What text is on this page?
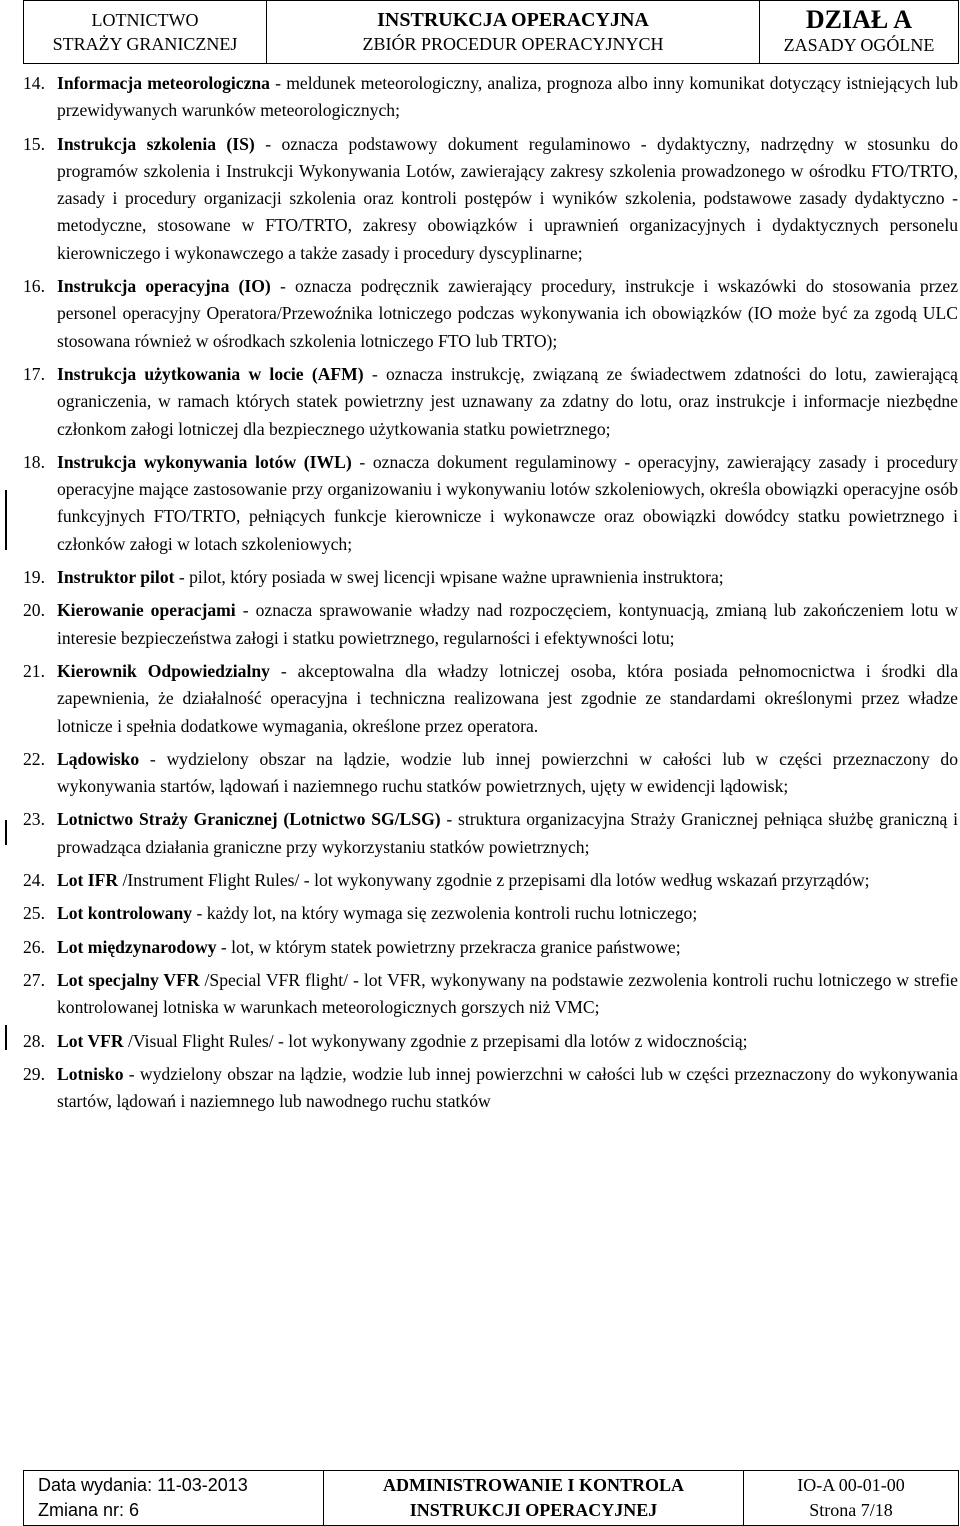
LOTNICTWO
STRAŻY GRANICZNEJ

INSTRUKCJA OPERACYJNA
ZBIÓR PROCEDUR OPERACYJNYCH

DZIAŁ A
ZASADY OGÓLNE
14. Informacja meteorologiczna - meldunek meteorologiczny, analiza, prognoza albo inny komunikat dotyczący istniejących lub przewidywanych warunków meteorologicznych;
15. Instrukcja szkolenia (IS) - oznacza podstawowy dokument regulaminowo - dydaktyczny, nadrzędny w stosunku do programów szkolenia i Instrukcji Wykonywania Lotów, zawierający zakresy szkolenia prowadzonego w ośrodku FTO/TRTO, zasady i procedury organizacji szkolenia oraz kontroli postępów i wyników szkolenia, podstawowe zasady dydaktyczno - metodyczne, stosowane w FTO/TRTO, zakresy obowiązków i uprawnień organizacyjnych i dydaktycznych personelu kierowniczego i wykonawczego a także zasady i procedury dyscyplinarne;
16. Instrukcja operacyjna (IO) - oznacza podręcznik zawierający procedury, instrukcje i wskazówki do stosowania przez personel operacyjny Operatora/Przewoźnika lotniczego podczas wykonywania ich obowiązków (IO może być za zgodą ULC stosowana również w ośrodkach szkolenia lotniczego FTO lub TRTO);
17. Instrukcja użytkowania w locie (AFM) - oznacza instrukcję, związaną ze świadectwem zdatności do lotu, zawierającą ograniczenia, w ramach których statek powietrzny jest uznawany za zdatny do lotu, oraz instrukcje i informacje niezbędne członkom załogi lotniczej dla bezpiecznego użytkowania statku powietrznego;
18. Instrukcja wykonywania lotów (IWL) - oznacza dokument regulaminowy - operacyjny, zawierający zasady i procedury operacyjne mające zastosowanie przy organizowaniu i wykonywaniu lotów szkoleniowych, określa obowiązki operacyjne osób funkcyjnych FTO/TRTO, pełniących funkcje kierownicze i wykonawcze oraz obowiązki dowódcy statku powietrznego i członków załogi w lotach szkoleniowych;
19. Instruktor pilot - pilot, który posiada w swej licencji wpisane ważne uprawnienia instruktora;
20. Kierowanie operacjami - oznacza sprawowanie władzy nad rozpoczęciem, kontynuacją, zmianą lub zakończeniem lotu w interesie bezpieczeństwa załogi i statku powietrznego, regularności i efektywności lotu;
21. Kierownik Odpowiedzialny - akceptowalna dla władzy lotniczej osoba, która posiada pełnomocnictwa i środki dla zapewnienia, że działalność operacyjna i techniczna realizowana jest zgodnie ze standardami określonymi przez władze lotnicze i spełnia dodatkowe wymagania, określone przez operatora.
22. Lądowisko - wydzielony obszar na lądzie, wodzie lub innej powierzchni w całości lub w części przeznaczony do wykonywania startów, lądowań i naziemnego ruchu statków powietrznych, ujęty w ewidencji lądowisk;
23. Lotnictwo Straży Granicznej (Lotnictwo SG/LSG) - struktura organizacyjna Straży Granicznej pełniąca służbę graniczną i prowadząca działania graniczne przy wykorzystaniu statków powietrznych;
24. Lot IFR /Instrument Flight Rules/ - lot wykonywany zgodnie z przepisami dla lotów według wskazań przyrządów;
25. Lot kontrolowany - każdy lot, na który wymaga się zezwolenia kontroli ruchu lotniczego;
26. Lot międzynarodowy - lot, w którym statek powietrzny przekracza granice państwowe;
27. Lot specjalny VFR /Special VFR flight/ - lot VFR, wykonywany na podstawie zezwolenia kontroli ruchu lotniczego w strefie kontrolowanej lotniska w warunkach meteorologicznych gorszych niż VMC;
28. Lot VFR /Visual Flight Rules/ - lot wykonywany zgodnie z przepisami dla lotów z widocznością;
29. Lotnisko - wydzielony obszar na lądzie, wodzie lub innej powierzchni w całości lub w części przeznaczony do wykonywania startów, lądowań i naziemnego lub nawodnego ruchu statków
Data wydania: 11-03-2013
Zmiana nr: 6

ADMINISTROWANIE I KONTROLA
INSTRUKCJI OPERACYJNEJ

IO-A 00-01-00
Strona 7/18
